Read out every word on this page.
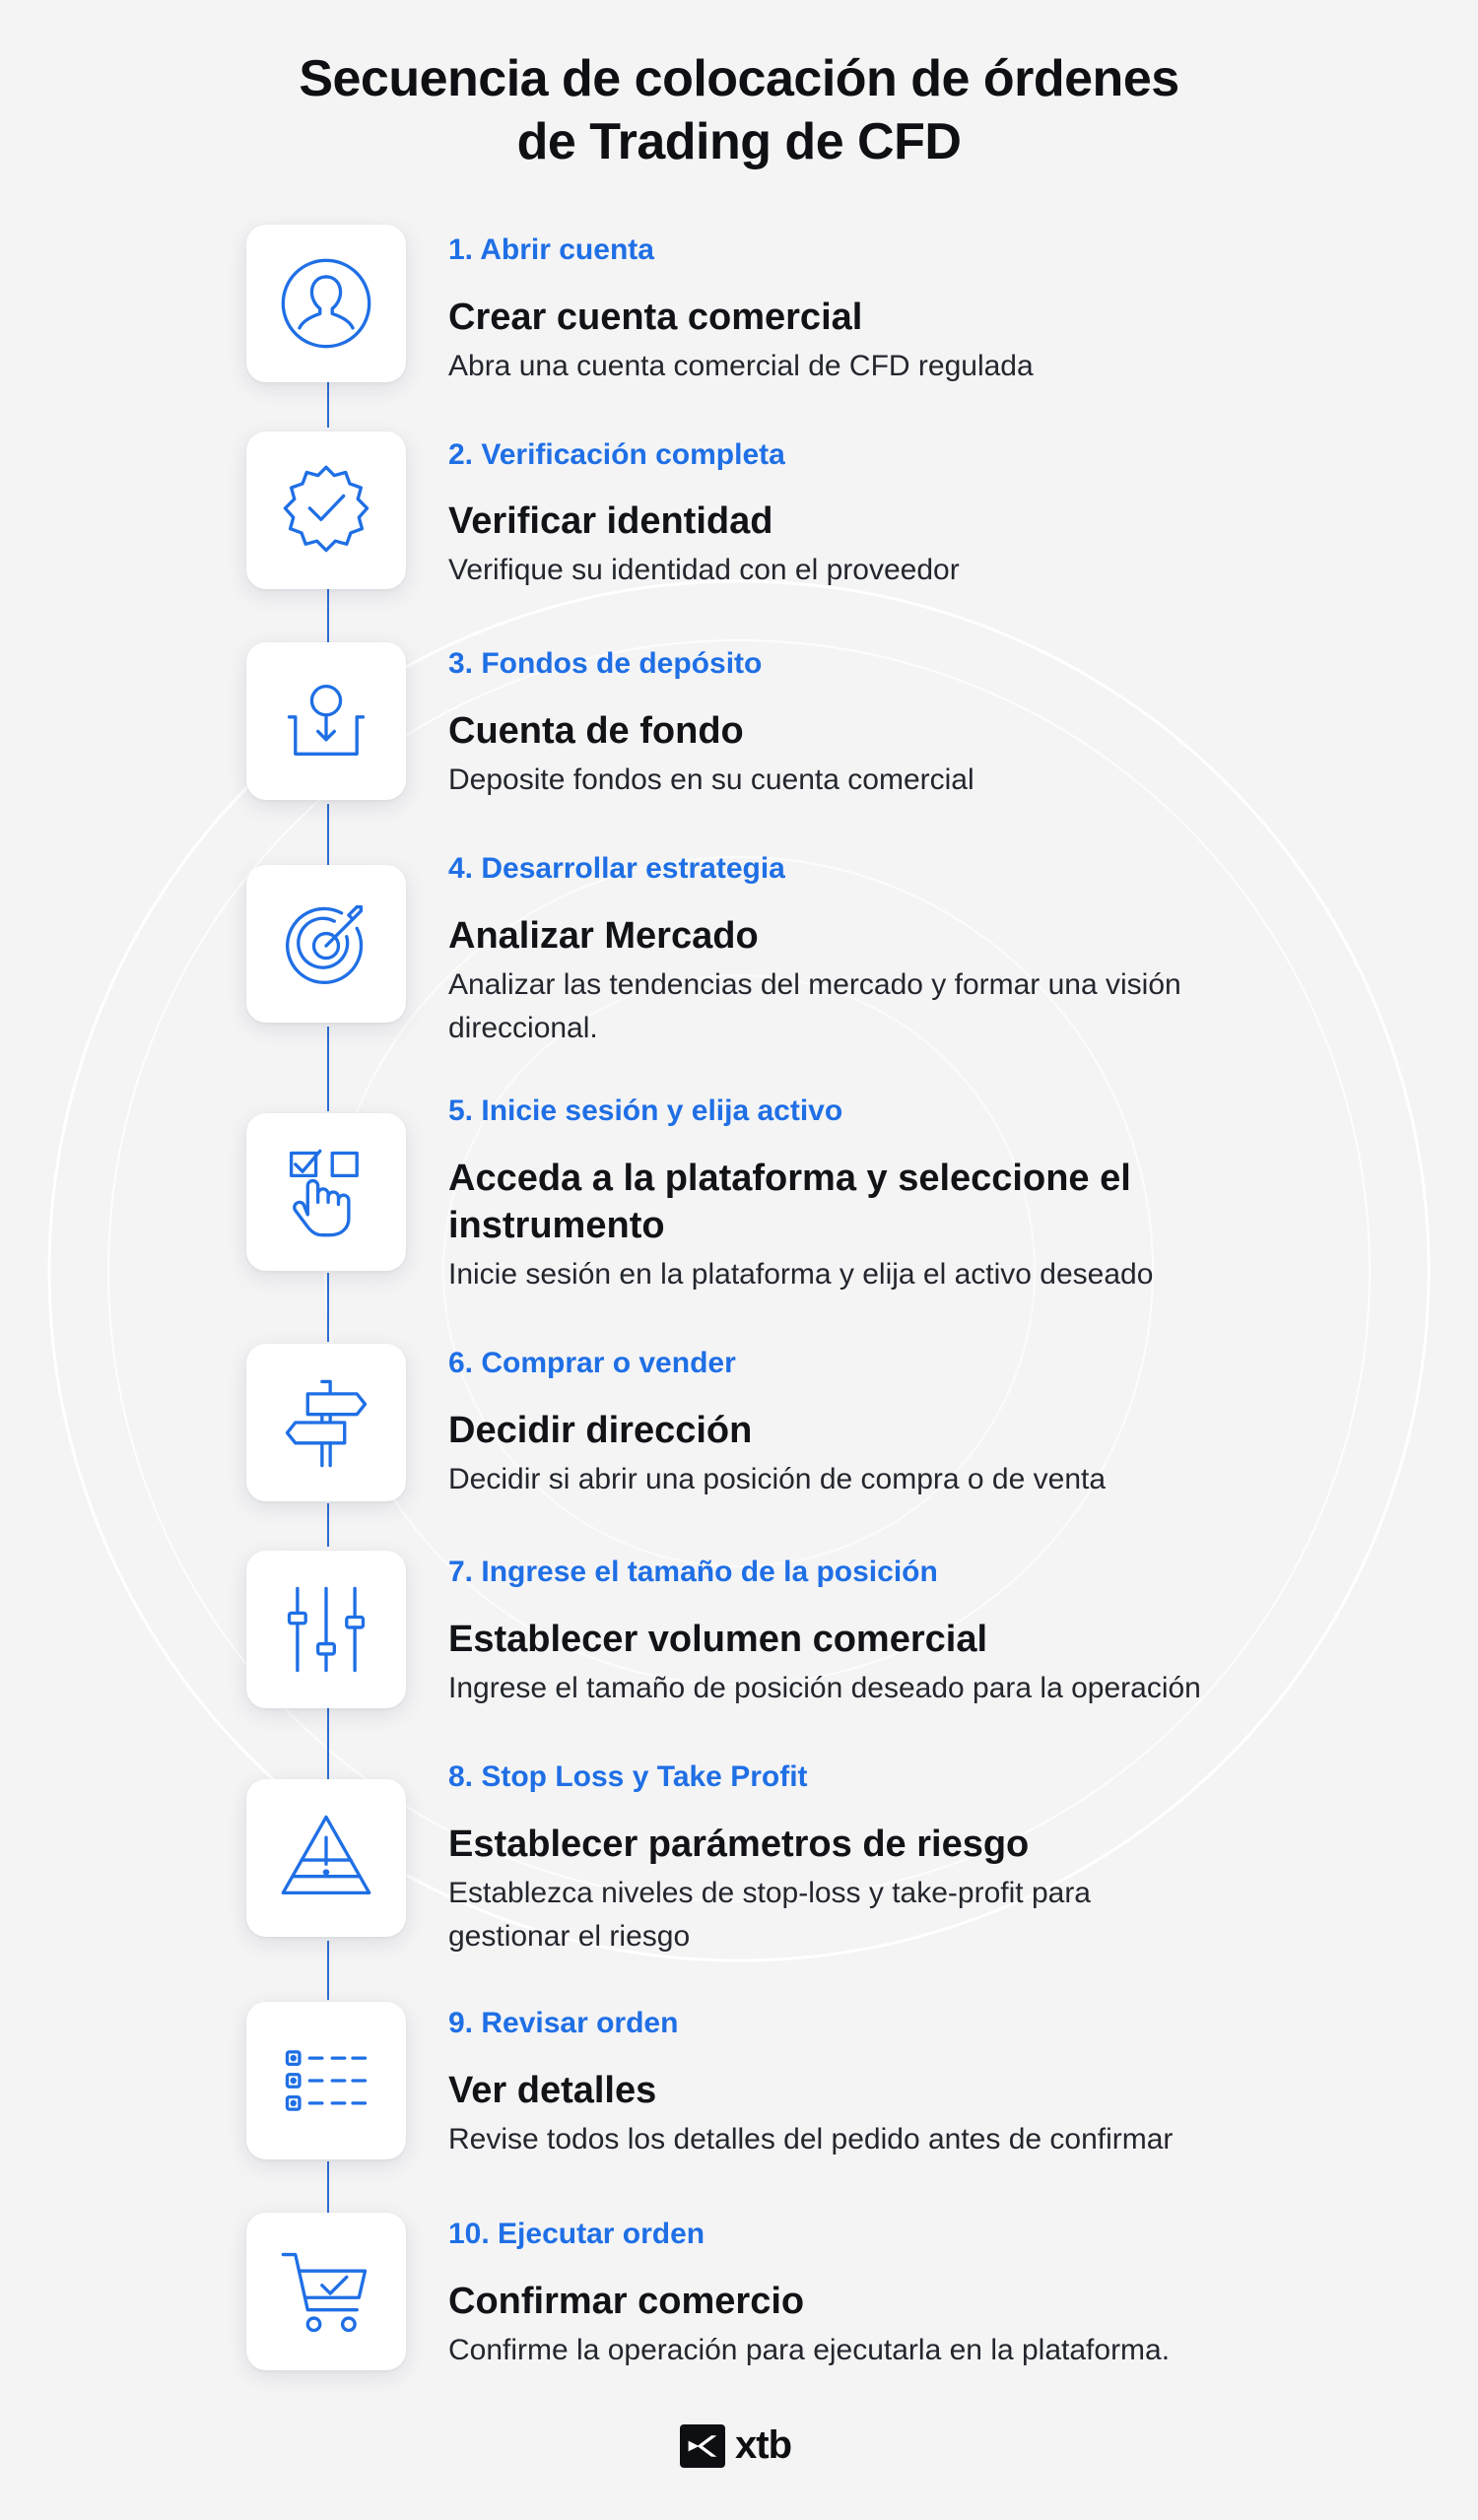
Secuencia de colocación de órdenes
de Trading de CFD
1. Abrir cuenta
Crear cuenta comercial
Abra una cuenta comercial de CFD regulada
2. Verificación completa
Verificar identidad
Verifique su identidad con el proveedor
3. Fondos de depósito
Cuenta de fondo
Deposite fondos en su cuenta comercial
4. Desarrollar estrategia
Analizar Mercado
Analizar las tendencias del mercado y formar una visión direccional.
5. Inicie sesión y elija activo
Acceda a la plataforma y seleccione el instrumento
Inicie sesión en la plataforma y elija el activo deseado
6. Comprar o vender
Decidir dirección
Decidir si abrir una posición de compra o de venta
7. Ingrese el tamaño de la posición
Establecer volumen comercial
Ingrese el tamaño de posición deseado para la operación
8. Stop Loss y Take Profit
Establecer parámetros de riesgo
Establezca niveles de stop-loss y take-profit para gestionar el riesgo
9. Revisar orden
Ver detalles
Revise todos los detalles del pedido antes de confirmar
10. Ejecutar orden
Confirmar comercio
Confirme la operación para ejecutarla en la plataforma.
xtb
